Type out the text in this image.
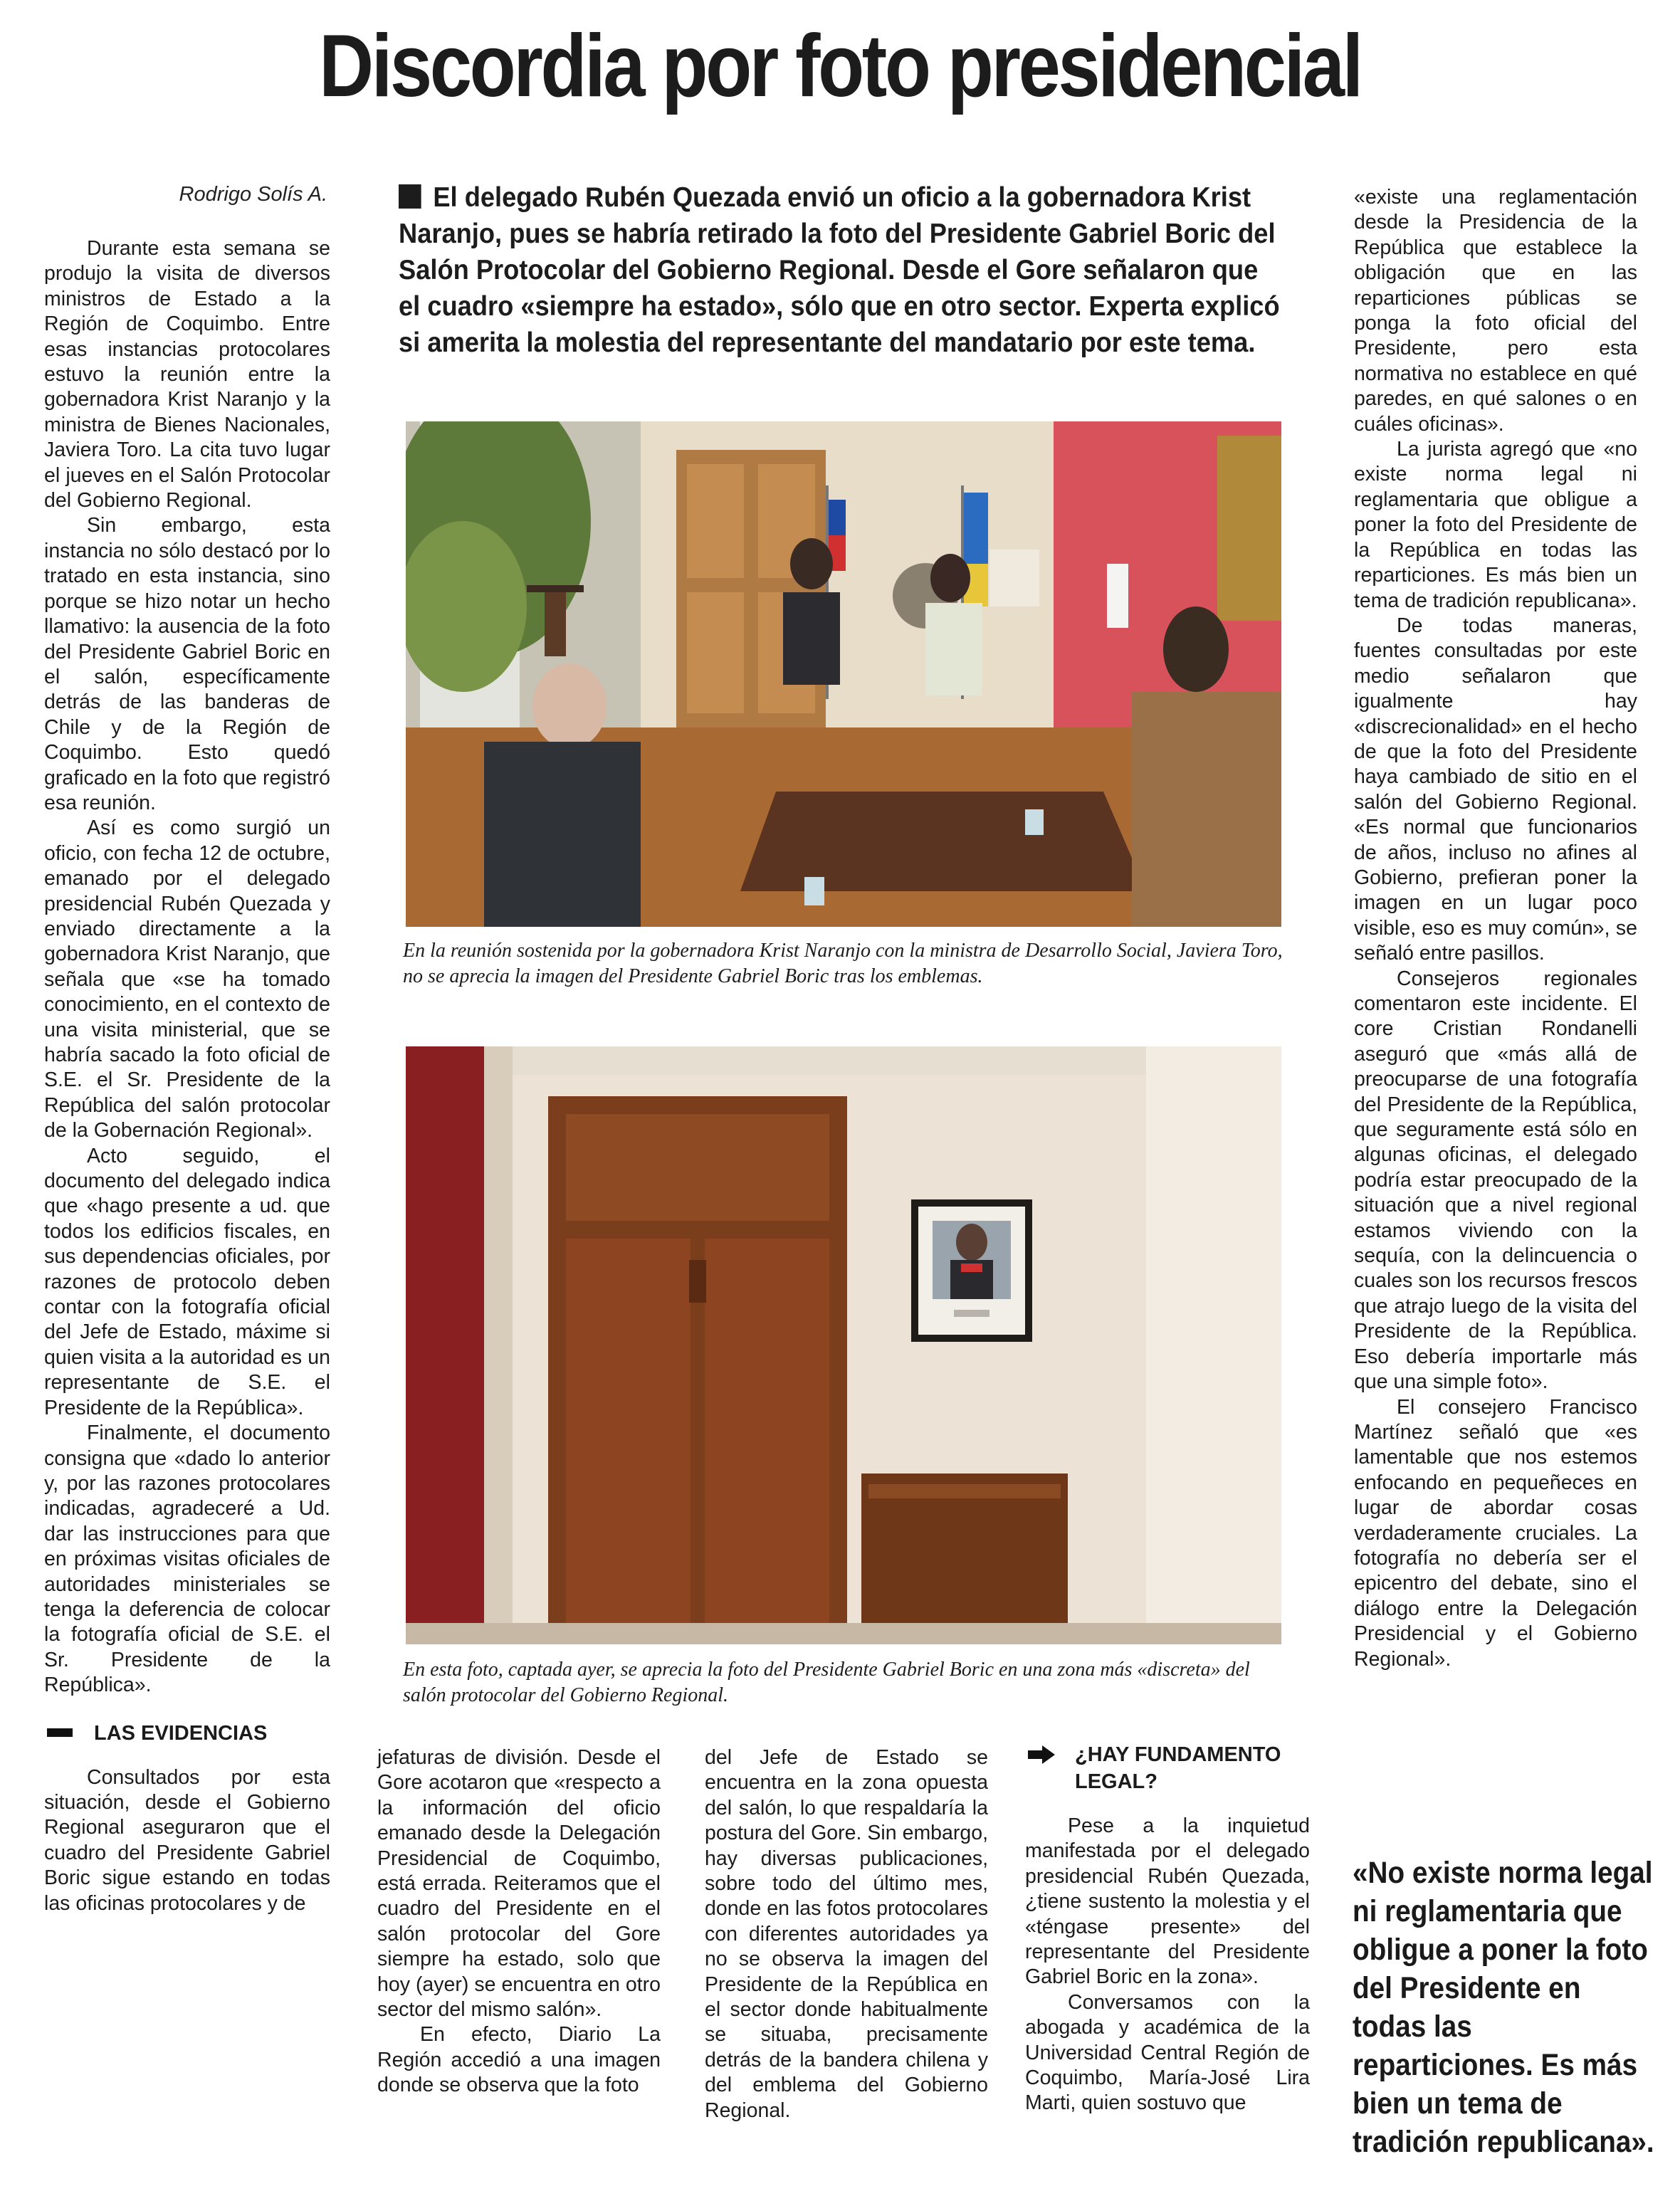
Discordia por foto presidencial
Rodrigo Solís A.	El delegado Rubén Quezada envió un oficio a la gobernadora Krist Naranjo, pues se habría retirado la foto del Presidente Gabriel Boric del Salón Protocolar del Gobierno Regional. Desde el Gore señalaron que el cuadro «siempre ha estado», sólo que en otro sector. Experta explicó si amerita la molestia del representante del mandatario por este tema.

Durante esta semana se produjo la visita de diversos ministros de Estado a la Región de Coquimbo. Entre esas instancias protocolares estuvo la reunión entre la gobernadora Krist Naranjo y la ministra de Bienes Nacionales, Javiera Toro. La cita tuvo lugar el jueves en el Salón Protocolar del Gobierno Regional.

Sin embargo, esta instancia no sólo destacó por lo tratado en esta instancia, sino porque se hizo notar un hecho llamativo: la ausencia de la foto del Presidente Gabriel Boric en el salón, específicamente detrás de las banderas de Chile y de la Región de Coquimbo. Esto quedó graficado en la foto que registró esa reunión.

Así es como surgió un oficio, con fecha 12 de octubre, emanado por el delegado presidencial Rubén Quezada y enviado directamente a la gobernadora Krist Naranjo, que señala que «se ha tomado conocimiento, en el contexto de una visita ministerial, que se habría sacado la foto oficial de S.E. el Sr. Presidente de la República del salón protocolar de la Gobernación Regional».

Acto seguido, el documento del delegado indica que «hago presente a ud. que todos los edificios fiscales, en sus dependencias oficiales, por razones de protocolo deben contar con la fotografía oficial del Jefe de Estado, máxime si quien visita a la autoridad es un representante de S.E. el Presidente de la República».

Finalmente, el documento consigna que «dado lo anterior y, por las razones protocolares indicadas, agradeceré a Ud. dar las instrucciones para que en próximas visitas oficiales de autoridades ministeriales se tenga la deferencia de colocar la fotografía oficial de S.E. el Sr. Presidente de la República».

LAS EVIDENCIAS

Consultados por esta situación, desde el Gobierno Regional aseguraron que el cuadro del Presidente Gabriel Boric sigue estando en todas las oficinas protocolares y de

En la reunión sostenida por la gobernadora Krist Naranjo con la ministra de Desarrollo Social, Javiera Toro, no se aprecia la imagen del Presidente Gabriel Boric tras los emblemas.
En esta foto, captada ayer, se aprecia la foto del Presidente Gabriel Boric en una zona más «discreta» del salón protocolar del Gobierno Regional.

jefaturas de división. Desde el Gore acotaron que «respecto a la información del oficio emanado desde la Delegación Presidencial de Coquimbo, está errada. Reiteramos que el cuadro del Presidente en el salón protocolar del Gore siempre ha estado, solo que hoy (ayer) se encuentra en otro sector del mismo salón».

En efecto, Diario La Región accedió a una imagen donde se observa que la foto

del Jefe de Estado se encuentra en la zona opuesta del salón, lo que respaldaría la postura del Gore. Sin embargo, hay diversas publicaciones, sobre todo del último mes, donde en las fotos protocolares con diferentes autoridades ya no se observa la imagen del Presidente de la República en el sector donde habitualmente se situaba, precisamente detrás de la bandera chilena y del emblema del Gobierno Regional.

¿HAY FUNDAMENTO LEGAL?

Pese a la inquietud manifestada por el delegado presidencial Rubén Quezada, ¿tiene sustento la molestia y el «téngase presente» del representante del Presidente Gabriel Boric en la zona».

Conversamos con la abogada y académica de la Universidad Central Región de Coquimbo, María-José Lira Marti, quien sostuvo que

«existe una reglamentación desde la Presidencia de la República que establece la obligación que en las reparticiones públicas se ponga la foto oficial del Presidente, pero esta normativa no establece en qué paredes, en qué salones o en cuáles oficinas».

La jurista agregó que «no existe norma legal ni reglamentaria que obligue a poner la foto del Presidente de la República en todas las reparticiones. Es más bien un tema de tradición republicana».

De todas maneras, fuentes consultadas por este medio señalaron que igualmente hay «discrecionalidad» en el hecho de que la foto del Presidente haya cambiado de sitio en el salón del Gobierno Regional. «Es normal que funcionarios de años, incluso no afines al Gobierno, prefieran poner la imagen en un lugar poco visible, eso es muy común», se señaló entre pasillos.

Consejeros regionales comentaron este incidente. El core Cristian Rondanelli aseguró que «más allá de preocuparse de una fotografía del Presidente de la República, que seguramente está sólo en algunas oficinas, el delegado podría estar preocupado de la situación que a nivel regional estamos viviendo con la sequía, con la delincuencia o cuales son los recursos frescos que atrajo luego de la visita del Presidente de la República. Eso debería importarle más que una simple foto».

El consejero Francisco Martínez señaló que «es lamentable que nos estemos enfocando en pequeñeces en lugar de abordar cosas verdaderamente cruciales. La fotografía no debería ser el epicentro del debate, sino el diálogo entre la Delegación Presidencial y el Gobierno Regional».

«No existe norma legal ni reglamentaria que obligue a poner la foto del Presidente en todas las reparticiones. Es más bien un tema de tradición republicana».
